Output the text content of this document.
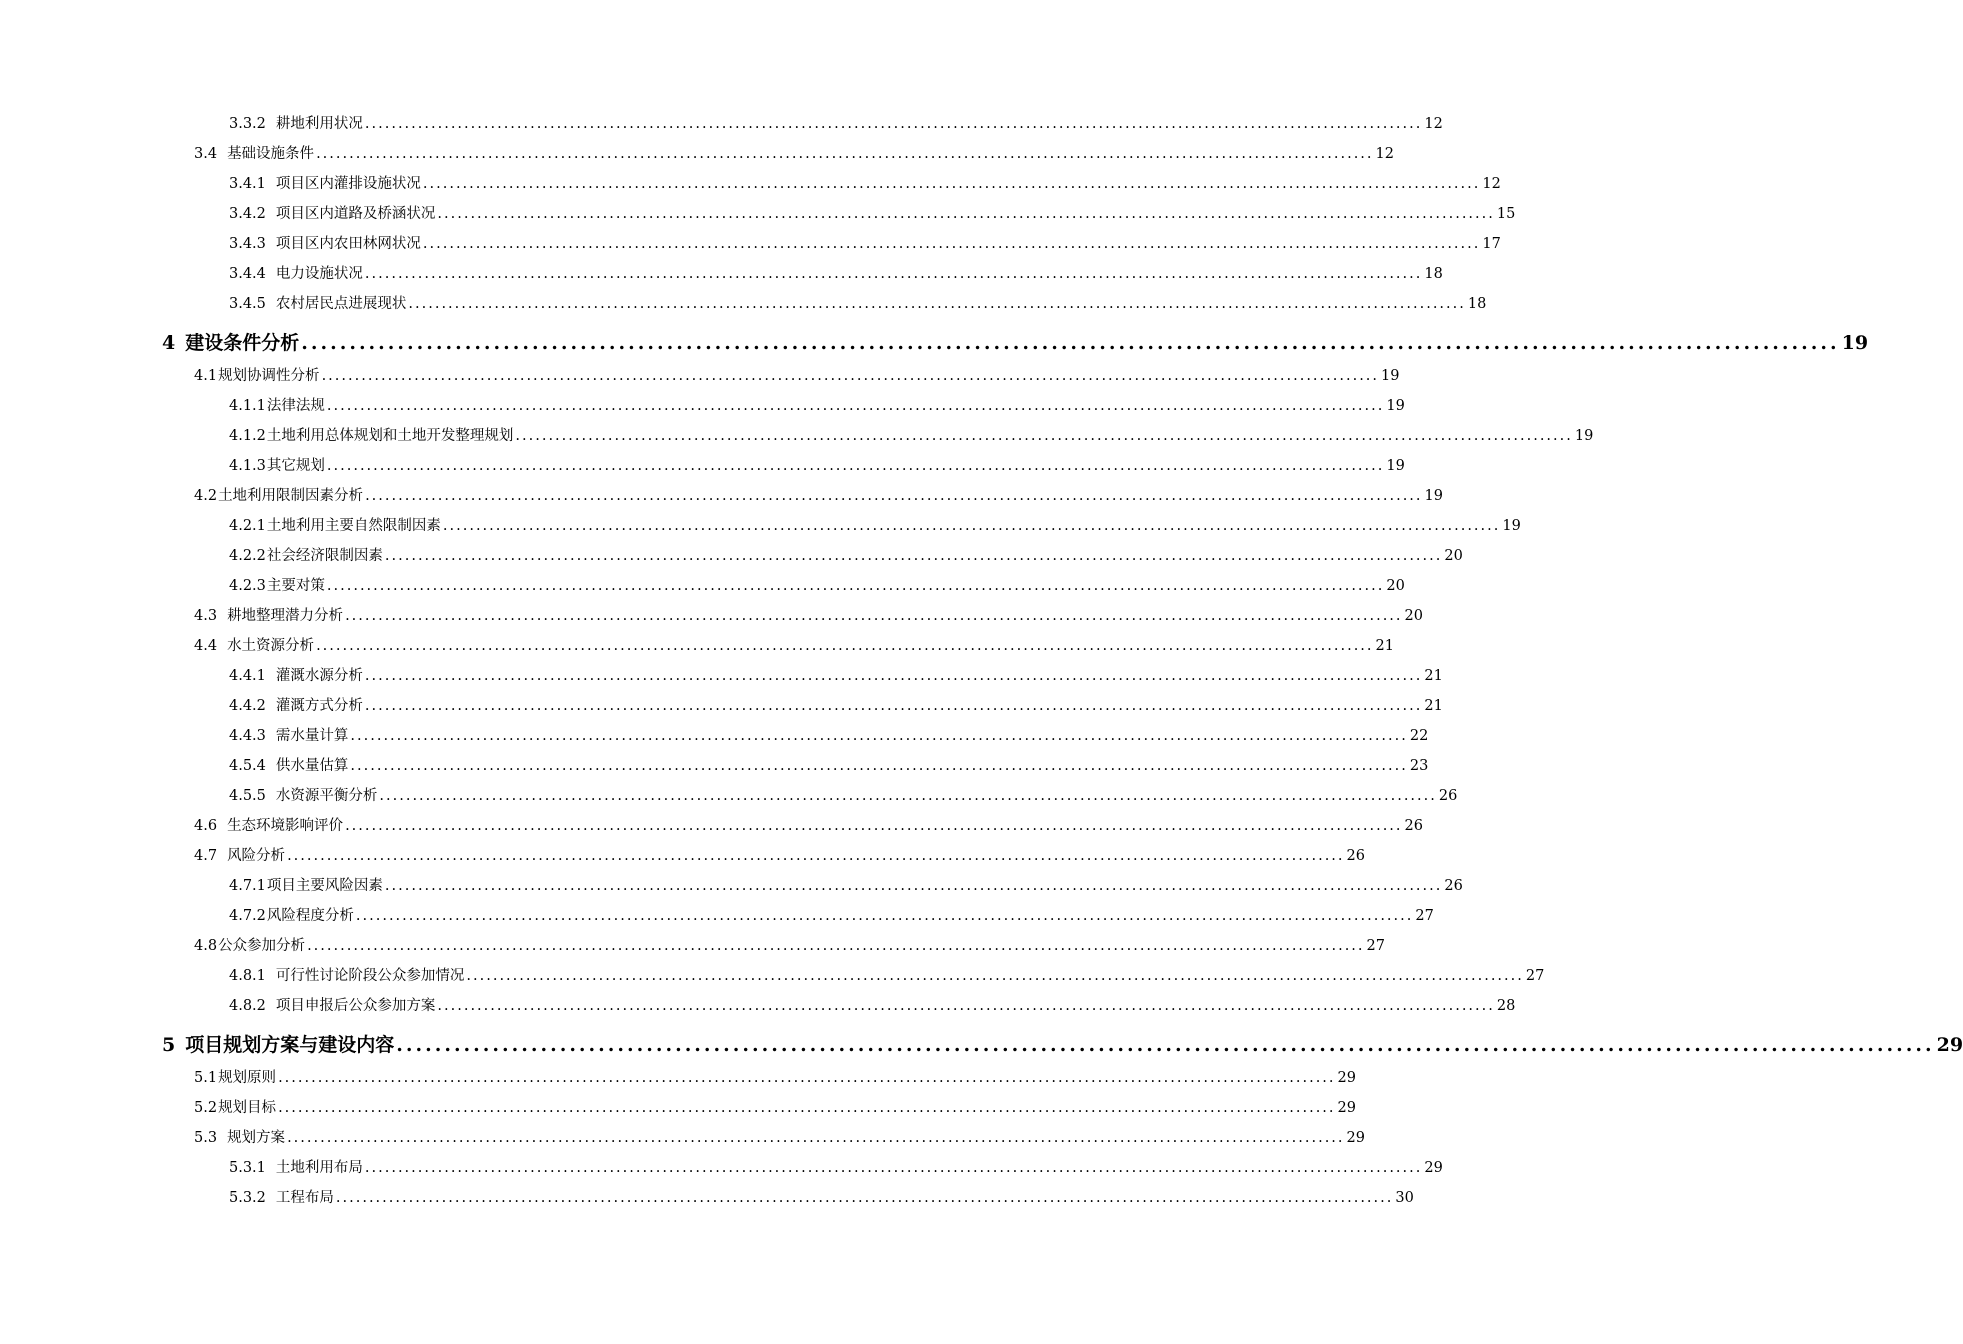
3.3.2 耕地利用状况 ................................................................................................................................................................ 12
3.4 基础设施条件 ................................................................................................................................................................ 12
3.4.1 项目区内灌排设施状况 ................................................................................................................................................................ 12
3.4.2 项目区内道路及桥涵状况 ................................................................................................................................................................ 15
3.4.3 项目区内农田林网状况 ................................................................................................................................................................ 17
3.4.4 电力设施状况 ................................................................................................................................................................ 18
3.4.5 农村居民点进展现状 ................................................................................................................................................................ 18
4 建设条件分析 ................................................................................................................................................................ 19
4.1规划协调性分析 ................................................................................................................................................................ 19
4.1.1法律法规 ................................................................................................................................................................ 19
4.1.2土地利用总体规划和土地开发整理规划 ................................................................................................................................................................ 19
4.1.3其它规划 ................................................................................................................................................................ 19
4.2土地利用限制因素分析 ................................................................................................................................................................ 19
4.2.1土地利用主要自然限制因素 ................................................................................................................................................................ 19
4.2.2社会经济限制因素 ................................................................................................................................................................ 20
4.2.3主要对策 ................................................................................................................................................................ 20
4.3 耕地整理潜力分析 ................................................................................................................................................................ 20
4.4 水土资源分析 ................................................................................................................................................................ 21
4.4.1 灌溉水源分析 ................................................................................................................................................................ 21
4.4.2 灌溉方式分析 ................................................................................................................................................................ 21
4.4.3 需水量计算 ................................................................................................................................................................ 22
4.5.4 供水量估算 ................................................................................................................................................................ 23
4.5.5 水资源平衡分析 ................................................................................................................................................................ 26
4.6 生态环境影响评价 ................................................................................................................................................................ 26
4.7 风险分析 ................................................................................................................................................................ 26
4.7.1项目主要风险因素 ................................................................................................................................................................ 26
4.7.2风险程度分析 ................................................................................................................................................................ 27
4.8公众参加分析 ................................................................................................................................................................ 27
4.8.1 可行性讨论阶段公众参加情况 ................................................................................................................................................................ 27
4.8.2 项目申报后公众参加方案 ................................................................................................................................................................ 28
5 项目规划方案与建设内容 ................................................................................................................................................................ 29
5.1规划原则 ................................................................................................................................................................ 29
5.2规划目标 ................................................................................................................................................................ 29
5.3 规划方案 ................................................................................................................................................................ 29
5.3.1 土地利用布局 ................................................................................................................................................................ 29
5.3.2 工程布局 ................................................................................................................................................................ 30
